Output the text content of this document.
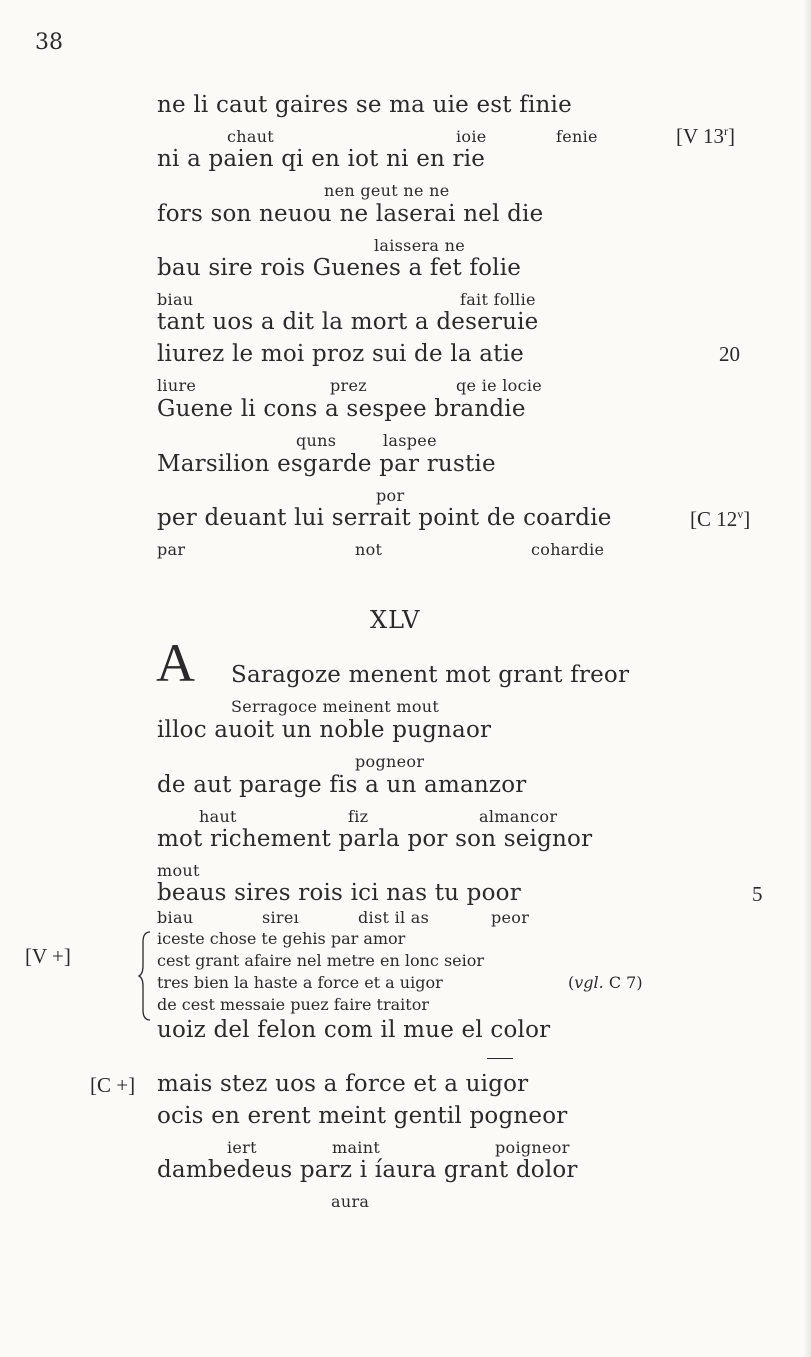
38
ne li caut gaires se ma uie est finie
chaut	ioie	fenie	[V 13$^r$]
ni a paien qi en iot ni en rie
nen geut ne ne
fors son neuou ne laserai nel die
laissera ne
bau sire rois Guenes a fet folie
biau	fait follie
tant uos a dit la mort a deseruie
liurez le moi proz sui de la atie	20
liure	prez	qe ie locie
Guene li cons a sespee brandie
quns	laspee
Marsilion esgarde par rustie
por
per deuant lui serrait point de coardie	[C 12$^v$]
par	not	cohardie
XLV
A Saragoze menent mot grant freor
Serragoce meinent mout
illoc auoit un noble pugnaor
pogneor
de aut parage fis a un amanzor
haut	fiz	almancor
mot richement parla por son seignor
mout
beaus sires rois ici nas tu poor	5
biau	sireı	dist il as	peor
[V +]
iceste chose te gehis par amor
cest grant afaire nel metre en lonc seior
tres bien la haste a force et a uigor	(vgl. C 7)
de cest messaie puez faire traitor
uoiz del felon com il mue el color
[C +] mais stez uos a force et a uigor
ocis en erent meint gentil pogneor
iert	maint	poigneor
dambedeus parz i íaura grant dolor
aura
